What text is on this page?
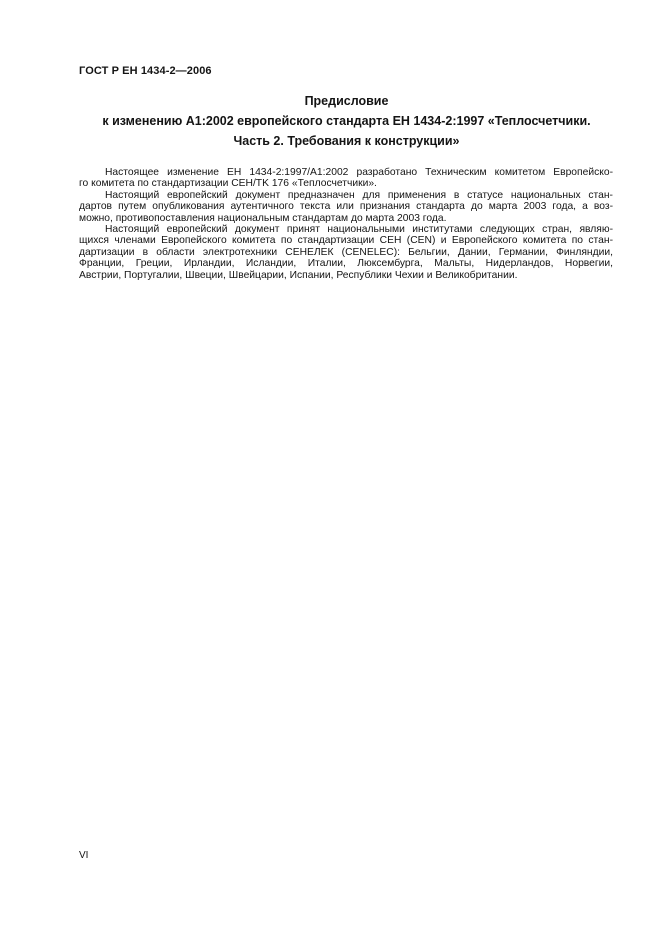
ГОСТ Р ЕН 1434-2—2006
Предисловие
к изменению А1:2002 европейского стандарта ЕН 1434-2:1997 «Теплосчетчики.
Часть 2. Требования к конструкции»
Настоящее изменение ЕН 1434-2:1997/А1:2002 разработано Техническим комитетом Европейско-
го комитета по стандартизации CEH/TK 176 «Теплосчетчики».
Настоящий европейский документ предназначен для применения в статусе национальных стан-
дартов путем опубликования аутентичного текста или признания стандарта до марта 2003 года, а воз-
можно, противопоставления национальным стандартам до марта 2003 года.
Настоящий европейский документ принят национальными институтами следующих стран, являю-
щихся членами Европейского комитета по стандартизации CEH (CEN) и Европейского комитета по стан-
дартизации в области электротехники CEHЕЛЕК (CENELEC): Бельгии, Дании, Германии, Финляндии,
Франции, Греции, Ирландии, Исландии, Италии, Люксембурга, Мальты, Нидерландов, Норвегии,
Австрии, Португалии, Швеции, Швейцарии, Испании, Республики Чехии и Великобритании.
VI
